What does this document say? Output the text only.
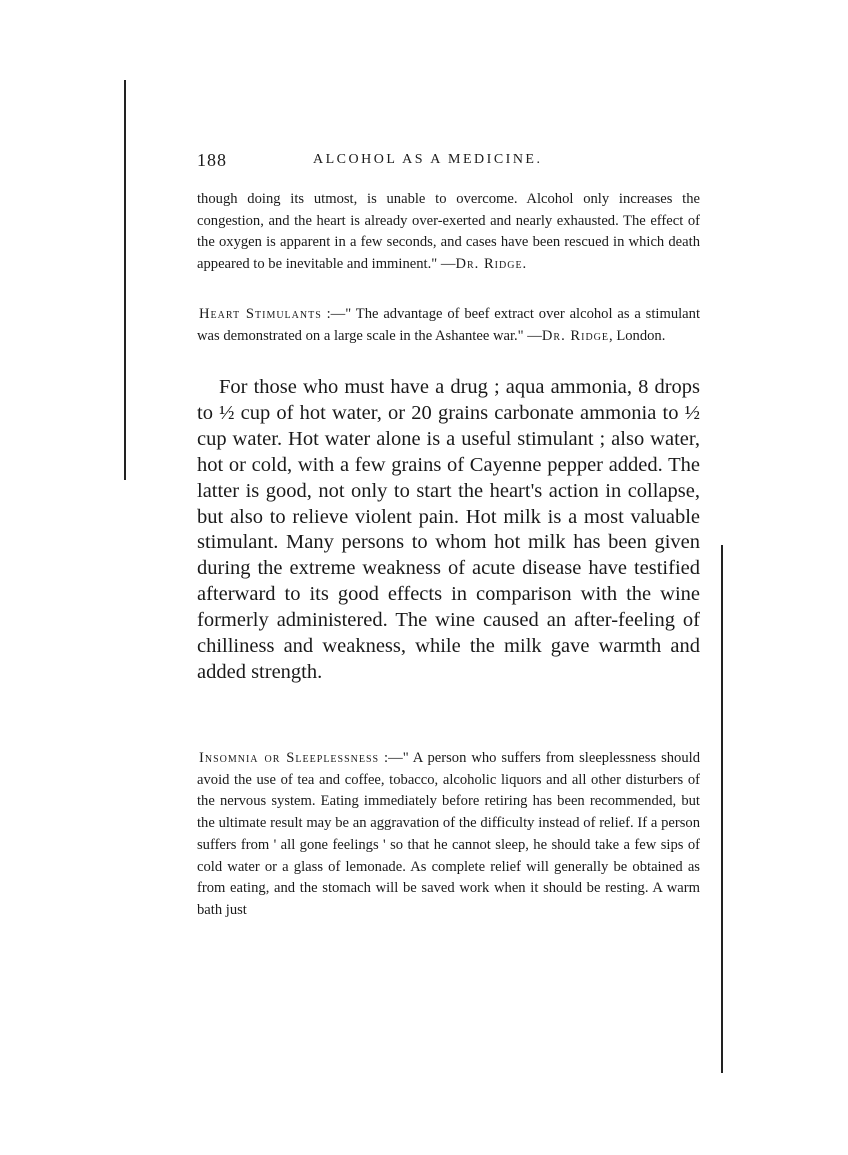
188	ALCOHOL AS A MEDICINE.

though doing its utmost, is unable to overcome. Alcohol only increases the congestion, and the heart is already over-exerted and nearly exhausted. The effect of the oxygen is apparent in a few seconds, and cases have been rescued in which death appeared to be inevitable and imminent." —Dr. Ridge.

Heart Stimulants :—" The advantage of beef extract over alcohol as a stimulant was demonstrated on a large scale in the Ashantee war." —Dr. Ridge, London.

For those who must have a drug ; aqua ammonia, 8 drops to ½ cup of hot water, or 20 grains carbonate ammonia to ½ cup water. Hot water alone is a useful stimulant ; also water, hot or cold, with a few grains of Cayenne pepper added. The latter is good, not only to start the heart's action in collapse, but also to relieve violent pain. Hot milk is a most valuable stimulant. Many persons to whom hot milk has been given during the extreme weakness of acute disease have testified afterward to its good effects in comparison with the wine formerly administered. The wine caused an after-feeling of chilliness and weakness, while the milk gave warmth and added strength.

Insomnia or Sleeplessness :—" A person who suffers from sleeplessness should avoid the use of tea and coffee, tobacco, alcoholic liquors and all other disturbers of the nervous system. Eating immediately before retiring has been recommended, but the ultimate result may be an aggravation of the difficulty instead of relief. If a person suffers from ' all gone feelings ' so that he cannot sleep, he should take a few sips of cold water or a glass of lemonade. As complete relief will generally be obtained as from eating, and the stomach will be saved work when it should be resting. A warm bath just
